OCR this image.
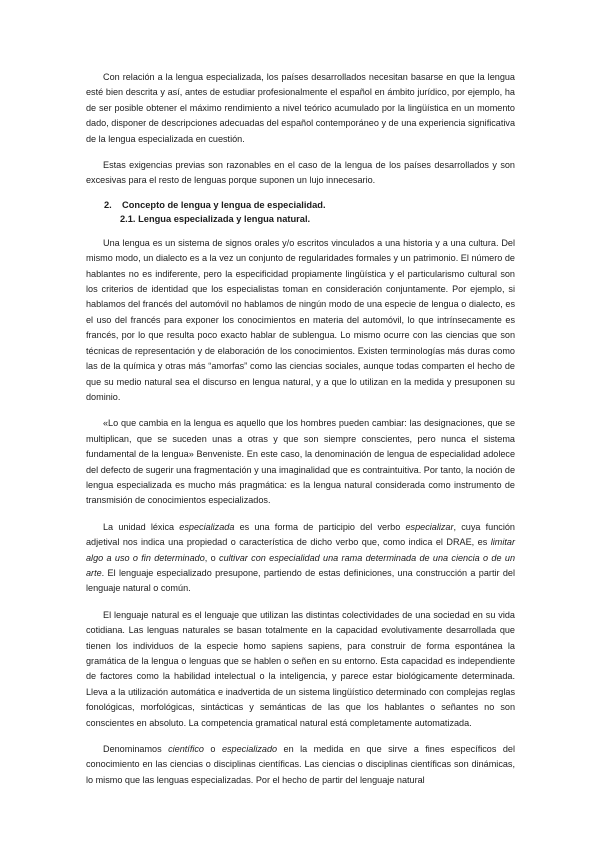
Con relación a la lengua especializada, los países desarrollados necesitan basarse en que la lengua esté bien descrita y así, antes de estudiar profesionalmente el español en ámbito jurídico, por ejemplo, ha de ser posible obtener el máximo rendimiento a nivel teórico acumulado por la lingüística en un momento dado, disponer de descripciones adecuadas del español contemporáneo y de una experiencia significativa de la lengua especializada en cuestión.

Estas exigencias previas son razonables en el caso de la lengua de los países desarrollados y son excesivas para el resto de lenguas porque suponen un lujo innecesario.

2. Concepto de lengua y lengua de especialidad.
2.1. Lengua especializada y lengua natural.

Una lengua es un sistema de signos orales y/o escritos vinculados a una historia y a una cultura. Del mismo modo, un dialecto es a la vez un conjunto de regularidades formales y un patrimonio. El número de hablantes no es indiferente, pero la especificidad propiamente lingüística y el particularismo cultural son los criterios de identidad que los especialistas toman en consideración conjuntamente. Por ejemplo, si hablamos del francés del automóvil no hablamos de ningún modo de una especie de lengua o dialecto, es el uso del francés para exponer los conocimientos en materia del automóvil, lo que intrínsecamente es francés, por lo que resulta poco exacto hablar de sublengua. Lo mismo ocurre con las ciencias que son técnicas de representación y de elaboración de los conocimientos. Existen terminologías más duras como las de la química y otras más “amorfas” como las ciencias sociales, aunque todas comparten el hecho de que su medio natural sea el discurso en lengua natural, y a que lo utilizan en la medida y presuponen su dominio.

«Lo que cambia en la lengua es aquello que los hombres pueden cambiar: las designaciones, que se multiplican, que se suceden unas a otras y que son siempre conscientes, pero nunca el sistema fundamental de la lengua» Benveniste. En este caso, la denominación de lengua de especialidad adolece del defecto de sugerir una fragmentación y una imaginalidad que es contraintuitiva. Por tanto, la noción de lengua especializada es mucho más pragmática: es la lengua natural considerada como instrumento de transmisión de conocimientos especializados.

La unidad léxica especializada es una forma de participio del verbo especializar, cuya función adjetival nos indica una propiedad o característica de dicho verbo que, como indica el DRAE, es limitar algo a uso o fin determinado, o cultivar con especialidad una rama determinada de una ciencia o de un arte. El lenguaje especializado presupone, partiendo de estas definiciones, una construcción a partir del lenguaje natural o común.

El lenguaje natural es el lenguaje que utilizan las distintas colectividades de una sociedad en su vida cotidiana. Las lenguas naturales se basan totalmente en la capacidad evolutivamente desarrollada que tienen los individuos de la especie homo sapiens sapiens, para construir de forma espontánea la gramática de la lengua o lenguas que se hablen o señen en su entorno. Esta capacidad es independiente de factores como la habilidad intelectual o la inteligencia, y parece estar biológicamente determinada. Lleva a la utilización automática e inadvertida de un sistema lingüístico determinado con complejas reglas fonológicas, morfológicas, sintácticas y semánticas de las que los hablantes o señantes no son conscientes en absoluto. La competencia gramatical natural está completamente automatizada.

Denominamos científico o especializado en la medida en que sirve a fines específicos del conocimiento en las ciencias o disciplinas científicas. Las ciencias o disciplinas científicas son dinámicas, lo mismo que las lenguas especializadas. Por el hecho de partir del lenguaje natural
